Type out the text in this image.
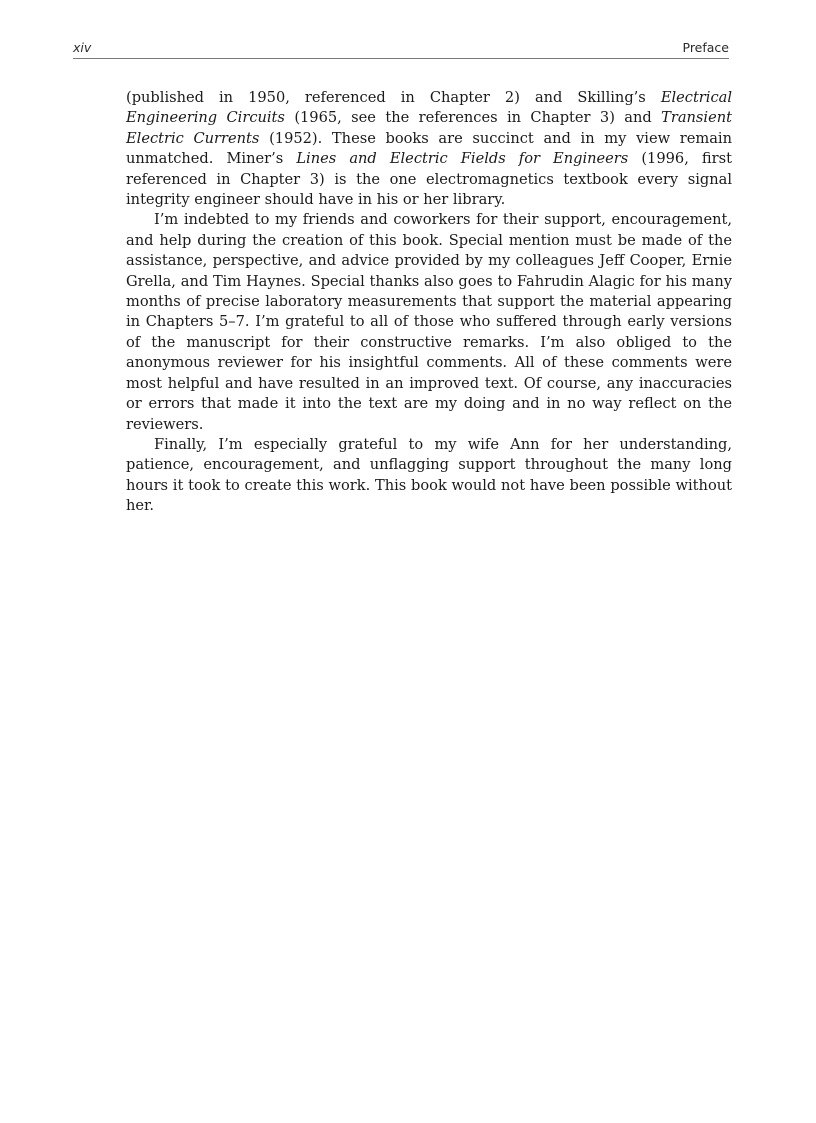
xiv	Preface

(published in 1950, referenced in Chapter 2) and Skilling’s Electrical Engineering Circuits (1965, see the references in Chapter 3) and Transient Electric Currents (1952). These books are succinct and in my view remain unmatched. Miner’s Lines and Electric Fields for Engineers (1996, first referenced in Chapter 3) is the one electromagnetics textbook every signal integrity engineer should have in his or her library.

I’m indebted to my friends and coworkers for their support, encouragement, and help during the creation of this book. Special mention must be made of the assistance, perspective, and advice provided by my colleagues Jeff Cooper, Ernie Grella, and Tim Haynes. Special thanks also goes to Fahrudin Alagic for his many months of precise laboratory measurements that support the material appearing in Chapters 5–7. I’m grateful to all of those who suffered through early versions of the manuscript for their constructive remarks. I’m also obliged to the anonymous reviewer for his insightful comments. All of these comments were most helpful and have resulted in an improved text. Of course, any inaccuracies or errors that made it into the text are my doing and in no way reflect on the reviewers.

Finally, I’m especially grateful to my wife Ann for her understanding, patience, encouragement, and unflagging support throughout the many long hours it took to create this work. This book would not have been possible without her.
